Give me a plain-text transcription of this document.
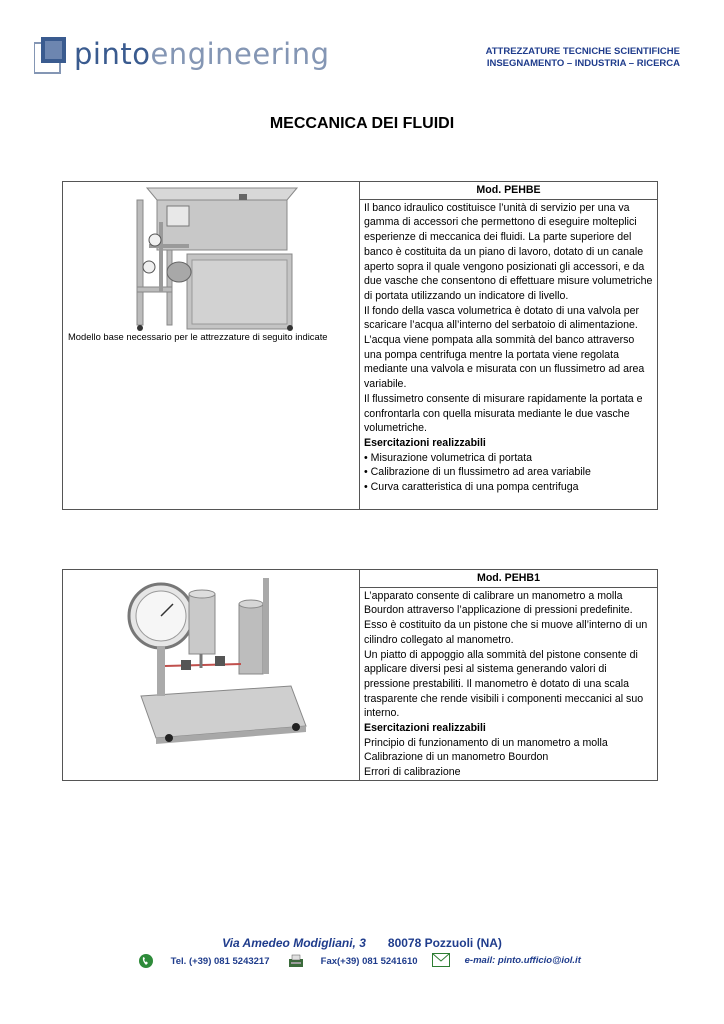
pintoengineering	ATTREZZATURE TECNICHE SCIENTIFICHE
INSEGNAMENTO – INDUSTRIA – RICERCA
MECCANICA DEI FLUIDI
Modello base necessario per le attrezzature di seguito indicate

Mod. PEHBE
Il banco idraulico costituisce l’unità di servizio per una va gamma di accessori che permettono di eseguire molteplici esperienze di meccanica dei fluidi. La parte superiore del banco è costituita da un piano di lavoro, dotato di un canale aperto sopra il quale vengono posizionati gli accessori, e da due vasche che consentono di effettuare misure volumetriche di portata utilizzando un indicatore di livello.
Il fondo della vasca volumetrica è dotato di una valvola per scaricare l’acqua all’interno del serbatoio di alimentazione. L’acqua viene pompata alla sommità del banco attraverso una pompa centrifuga mentre la portata viene regolata mediante una valvola e misurata con un flussimetro ad area variabile.
Il flussimetro consente di misurare rapidamente la portata e confrontarla con quella misurata mediante le due vasche volumetriche.
Esercitazioni realizzabili
• Misurazione volumetrica di portata
• Calibrazione di un flussimetro ad area variabile
• Curva caratteristica di una pompa centrifuga

Mod. PEHB1
L’apparato consente di calibrare un manometro a molla Bourdon attraverso l’applicazione di pressioni predefinite. Esso è costituito da un pistone che si muove all’interno di un cilindro collegato al manometro.
Un piatto di appoggio alla sommità del pistone consente di applicare diversi pesi al sistema generando valori di pressione prestabiliti. Il manometro è dotato di una scala trasparente che rende visibili i componenti meccanici al suo interno.
Esercitazioni realizzabili
Principio di funzionamento di un manometro a molla
Calibrazione di un manometro Bourdon
Errori di calibrazione
Via Amedeo Modigliani, 3 80078 Pozzuoli (NA)
Tel. (+39) 081 5243217	Fax(+39) 081 5241610	e-mail: pinto.ufficio@iol.it
